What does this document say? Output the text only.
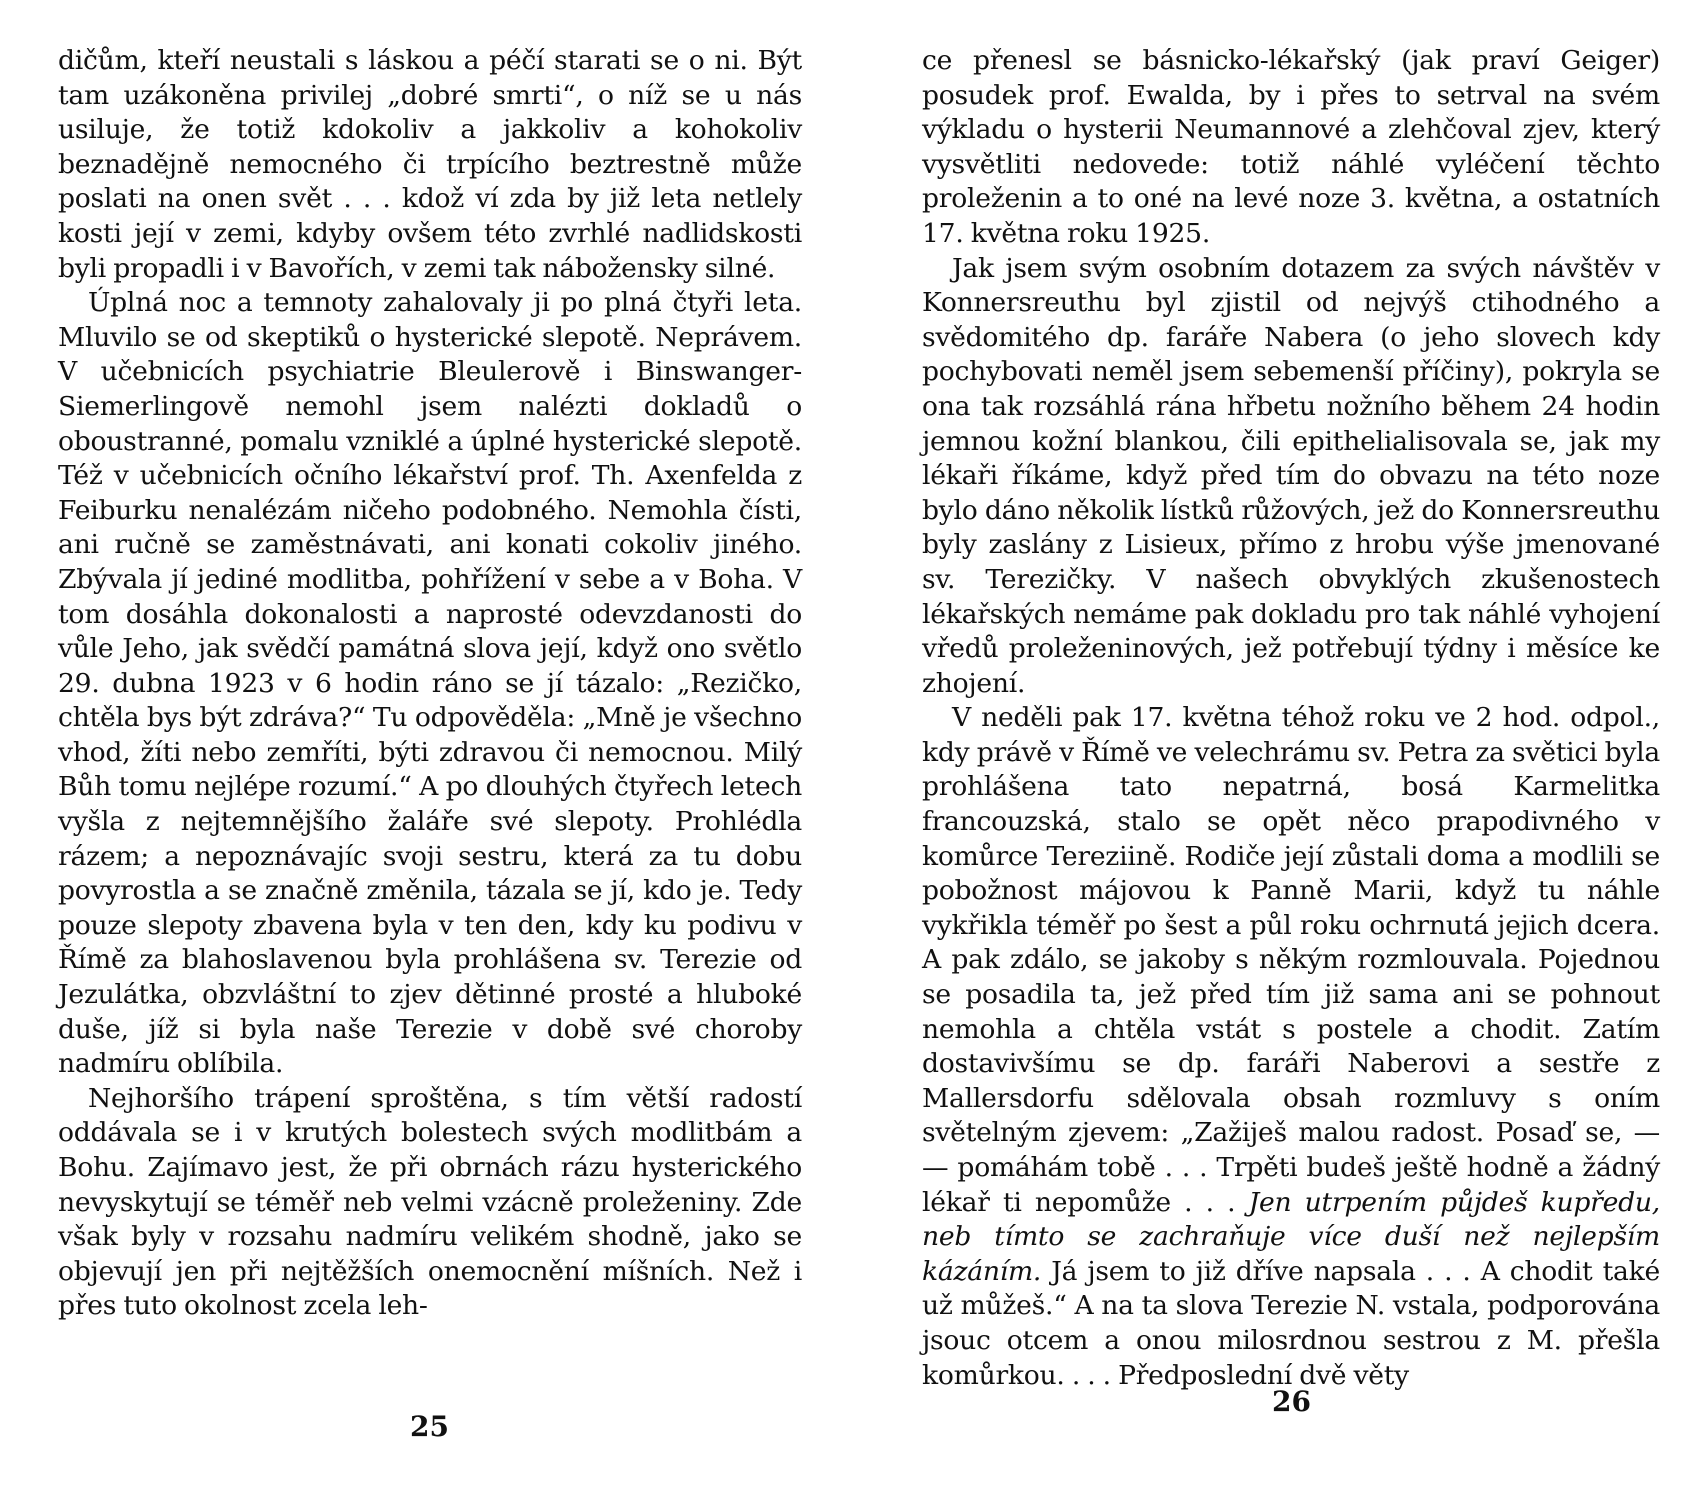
dičům, kteří neustali s láskou a péčí starati se o ni. Být tam uzákoněna privilej „dobré smrti“, o níž se u nás usiluje, že totiž kdokoliv a jakkoliv a kohokoliv beznadějně nemocného či trpícího beztrestně může poslati na onen svět . . . kdož ví zda by již leta netlely kosti její v zemi, kdyby ovšem této zvrhlé nadlidskosti byli propadli i v Bavořích, v zemi tak nábožensky silné.

Úplná noc a temnoty zahalovaly ji po plná čtyři leta. Mluvilo se od skeptiků o hysterické slepotě. Neprávem. V učebnicích psychiatrie Bleulerově i Binswanger-Siemerlingově nemohl jsem nalézti dokladů o oboustranné, pomalu vzniklé a úplné hysterické slepotě. Též v učebnicích očního lékařství prof. Th. Axenfelda z Feiburku nenalézám ničeho podobného. Nemohla čísti, ani ručně se zaměstnávati, ani konati cokoliv jiného. Zbývala jí jediné modlitba, pohřížení v sebe a v Boha. V tom dosáhla dokonalosti a naprosté odevzdanosti do vůle Jeho, jak svědčí památná slova její, když ono světlo 29. dubna 1923 v 6 hodin ráno se jí tázalo: „Rezičko, chtěla bys být zdráva?“ Tu odpověděla: „Mně je všechno vhod, žíti nebo zemříti, býti zdravou či nemocnou. Milý Bůh tomu nejlépe rozumí.“ A po dlouhých čtyřech letech vyšla z nejtemnějšího žaláře své slepoty. Prohlédla rázem; a nepoznávajíc svoji sestru, která za tu dobu povyrostla a se značně změnila, tázala se jí, kdo je. Tedy pouze slepoty zbavena byla v ten den, kdy ku podivu v Římě za blahoslavenou byla prohlášena sv. Terezie od Jezulátka, obzvláštní to zjev dětinné prosté a hluboké duše, jíž si byla naše Terezie v době své choroby nadmíru oblíbila.

Nejhoršího trápení sproštěna, s tím větší radostí oddávala se i v krutých bolestech svých modlitbám a Bohu. Zajímavo jest, že při obrnách rázu hysterického nevyskytují se téměř neb velmi vzácně proleženiny. Zde však byly v rozsahu nadmíru velikém shodně, jako se objevují jen při nejtěžších onemocnění míšních. Než i přes tuto okolnost zcela leh-

25

ce přenesl se básnicko-lékařský (jak praví Geiger) posudek prof. Ewalda, by i přes to setrval na svém výkladu o hysterii Neumannové a zlehčoval zjev, který vysvětliti nedovede: totiž náhlé vyléčení těchto proleženin a to oné na levé noze 3. května, a ostatních 17. května roku 1925.

Jak jsem svým osobním dotazem za svých návštěv v Konnersreuthu byl zjistil od nejvýš ctihodného a svědomitého dp. faráře Nabera (o jeho slovech kdy pochybovati neměl jsem sebemenší příčiny), pokryla se ona tak rozsáhlá rána hřbetu nožního během 24 hodin jemnou kožní blankou, čili epithelialisovala se, jak my lékaři říkáme, když před tím do obvazu na této noze bylo dáno několik lístků růžových, jež do Konnersreuthu byly zaslány z Lisieux, přímo z hrobu výše jmenované sv. Terezičky. V našech obvyklých zkušenostech lékařských nemáme pak dokladu pro tak náhlé vyhojení vředů proleženinových, jež potřebují týdny i měsíce ke zhojení.

V neděli pak 17. května téhož roku ve 2 hod. odpol., kdy právě v Římě ve velechrámu sv. Petra za světici byla prohlášena tato nepatrná, bosá Karmelitka francouzská, stalo se opět něco prapodivného v komůrce Tereziině. Rodiče její zůstali doma a modlili se pobožnost májovou k Panně Marii, když tu náhle vykřikla téměř po šest a půl roku ochrnutá jejich dcera. A pak zdálo, se jakoby s někým rozmlouvala. Pojednou se posadila ta, jež před tím již sama ani se pohnout nemohla a chtěla vstát s postele a chodit. Zatím dostavivšímu se dp. faráři Naberovi a sestře z Mallersdorfu sdělovala obsah rozmluvy s oním světelným zjevem: „Zažiješ malou radost. Posaď se, — — pomáhám tobě . . . Trpěti budeš ještě hodně a žádný lékař ti nepomůže . . . Jen utrpením půjdeš kupředu, neb tímto se zachraňuje více duší než nejlepším kázáním. Já jsem to již dříve napsala . . . A chodit také už můžeš.“ A na ta slova Terezie N. vstala, podporována jsouc otcem a onou milosrdnou sestrou z M. přešla komůrkou. . . . Předposlední dvě věty

26
